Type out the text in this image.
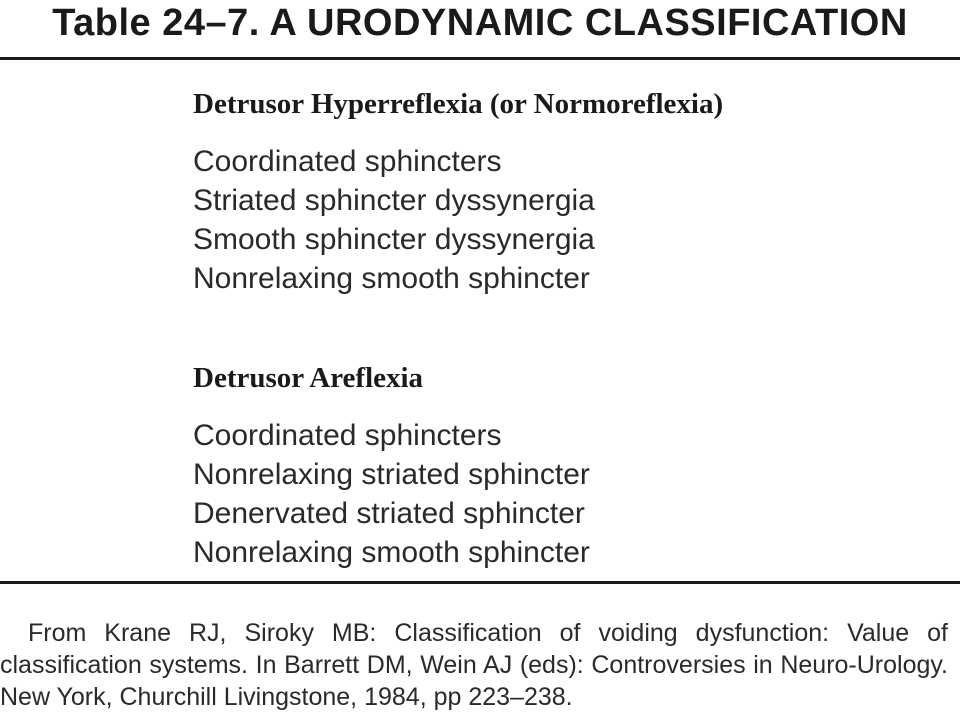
Table 24–7. A URODYNAMIC CLASSIFICATION
Detrusor Hyperreflexia (or Normoreflexia)
Coordinated sphincters
Striated sphincter dyssynergia
Smooth sphincter dyssynergia
Nonrelaxing smooth sphincter
Detrusor Areflexia
Coordinated sphincters
Nonrelaxing striated sphincter
Denervated striated sphincter
Nonrelaxing smooth sphincter
From Krane RJ, Siroky MB: Classification of voiding dysfunction: Value of classification systems. In Barrett DM, Wein AJ (eds): Controversies in Neuro-Urology. New York, Churchill Livingstone, 1984, pp 223–238.
